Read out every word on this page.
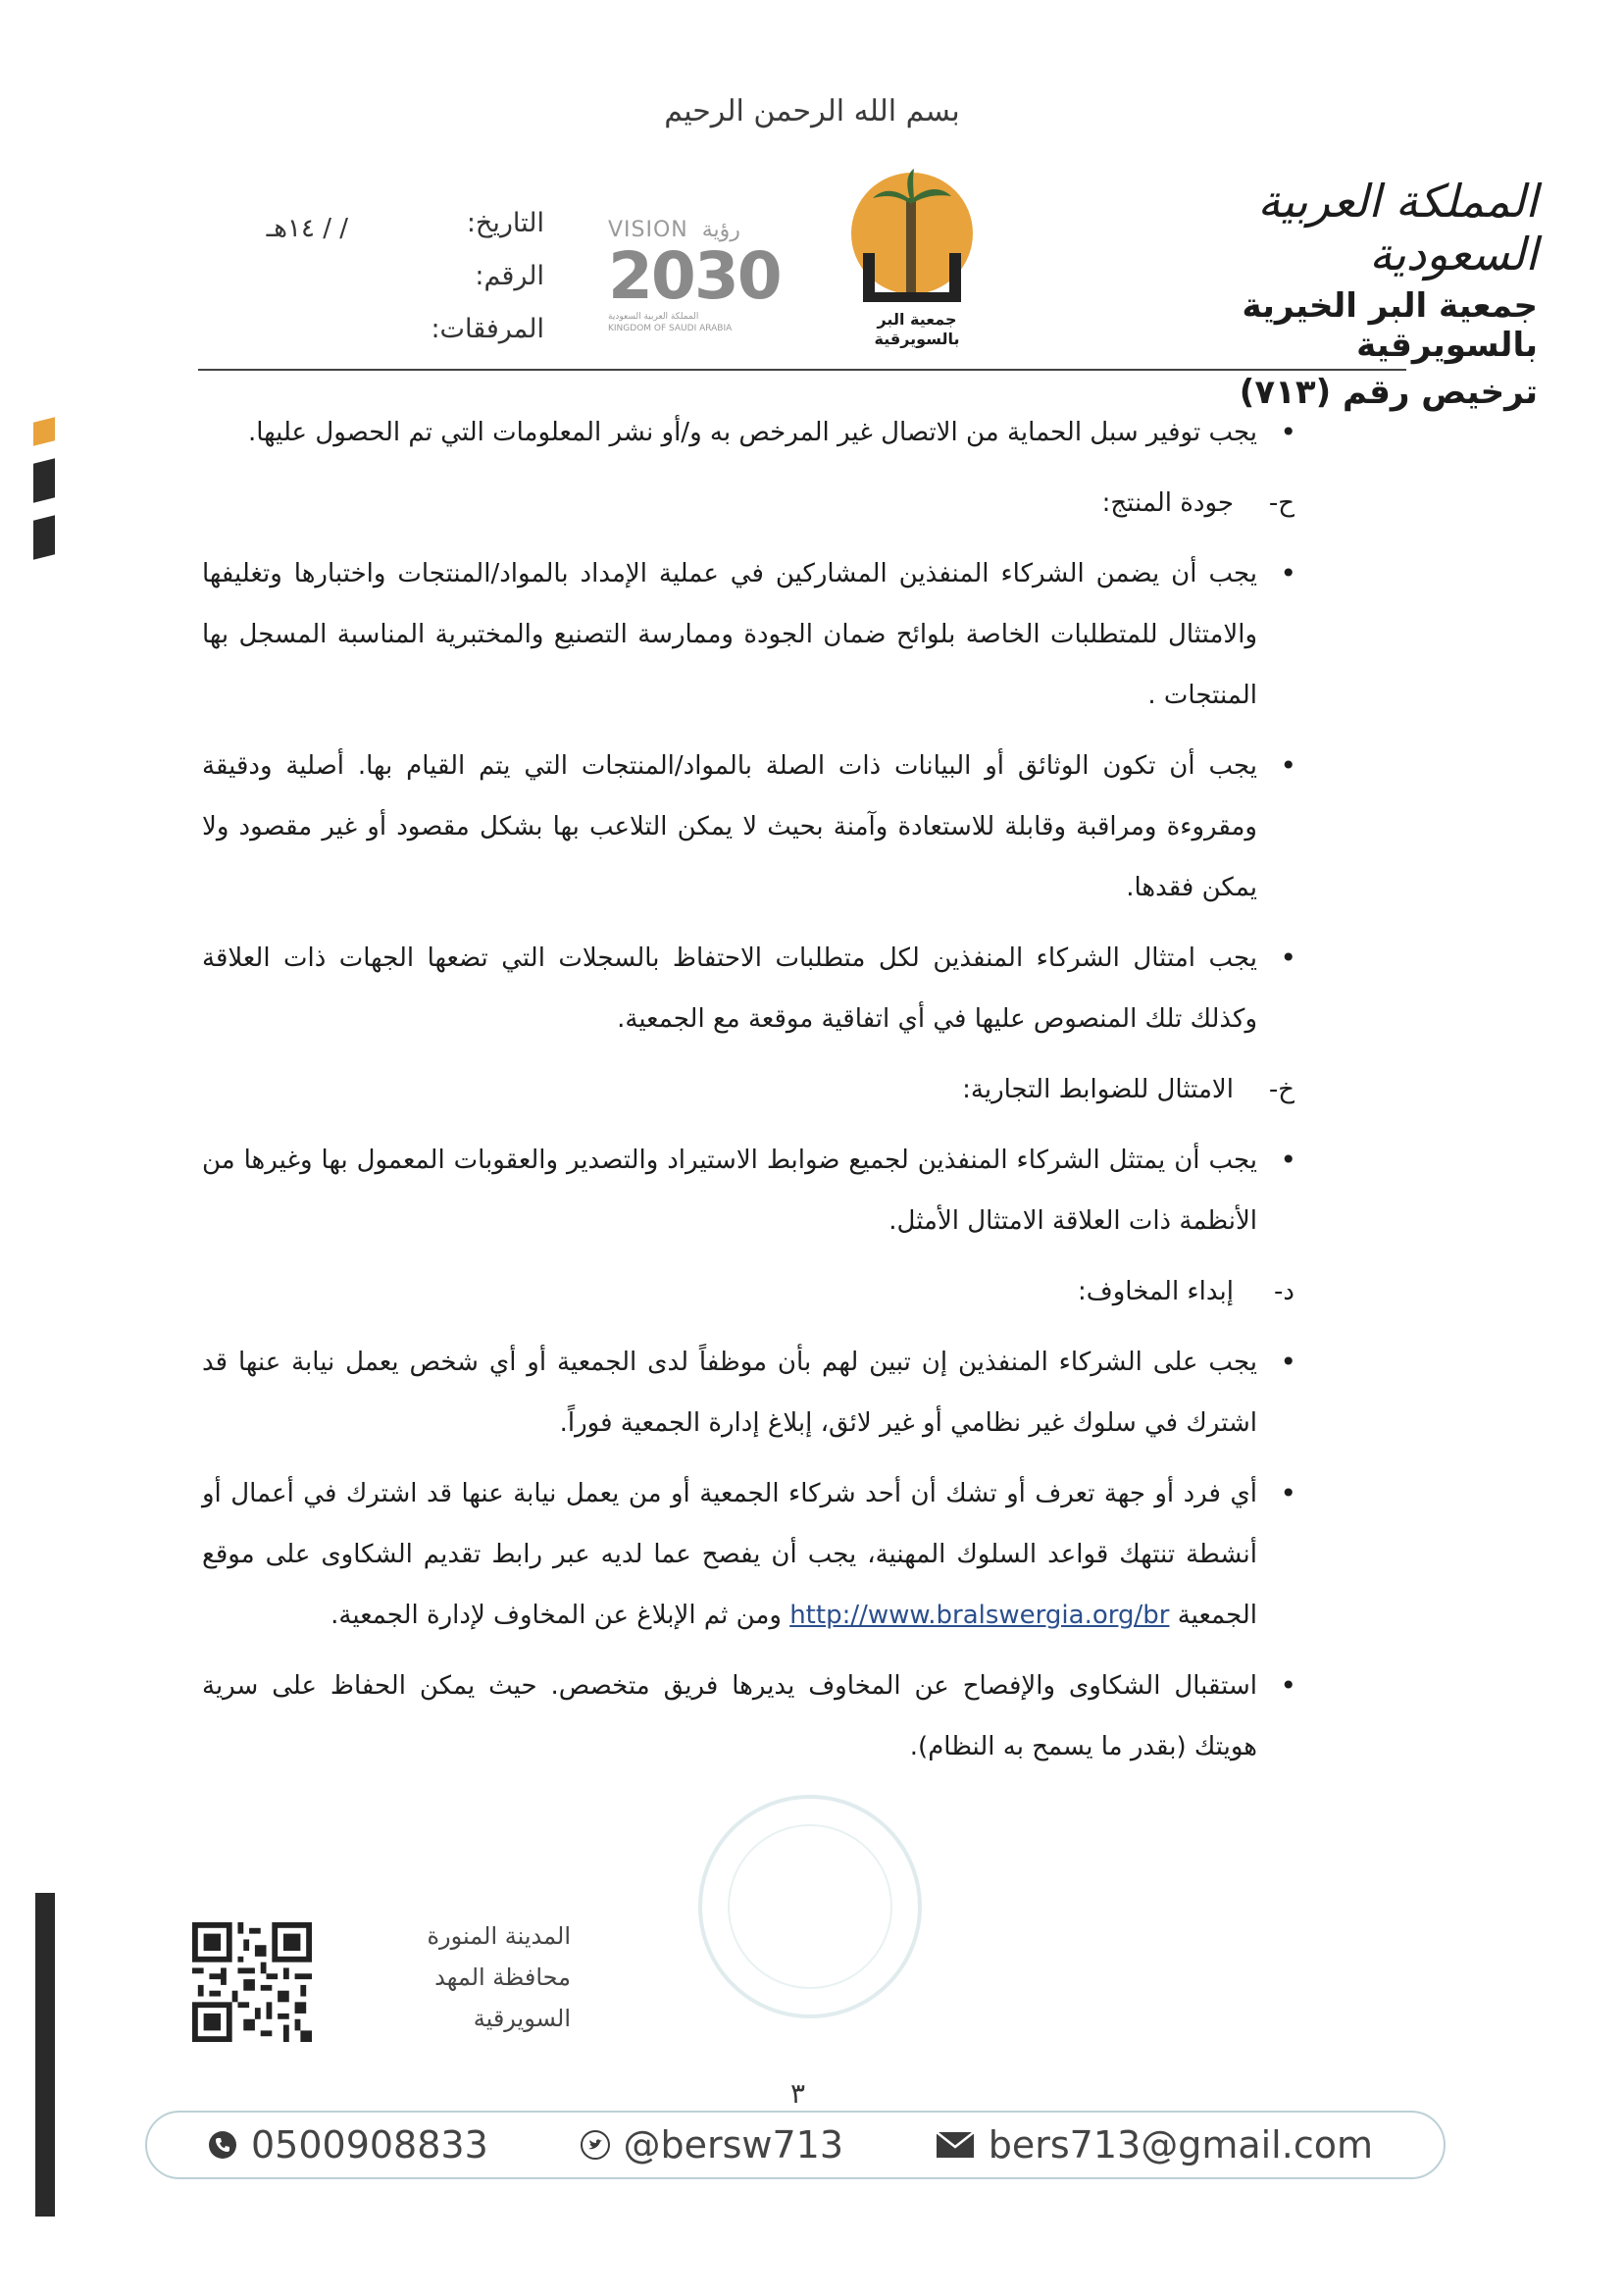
بسم الله الرحمن الرحيم
المملكة العربية السعودية
جمعية البر الخيرية بالسويرقية
ترخيص رقم (٧١٣)
جمعية البر بالسويرقية
VISION رؤية
2030
المملكة العربية السعودية
KINGDOM OF SAUDI ARABIA
التاريخ:
الرقم:
المرفقات:
/ / ١٤هـ
• يجب توفير سبل الحماية من الاتصال غير المرخص به و/أو نشر المعلومات التي تم الحصول عليها.
ح-
جودة المنتج:
• يجب أن يضمن الشركاء المنفذين المشاركين في عملية الإمداد بالمواد/المنتجات واختبارها وتغليفها والامتثال للمتطلبات الخاصة بلوائح ضمان الجودة وممارسة التصنيع والمختبرية المناسبة المسجل بها المنتجات .
• يجب أن تكون الوثائق أو البيانات ذات الصلة بالمواد/المنتجات التي يتم القيام بها. أصلية ودقيقة ومقروءة ومراقبة وقابلة للاستعادة وآمنة بحيث لا يمكن التلاعب بها بشكل مقصود أو غير مقصود ولا يمكن فقدها.
• يجب امتثال الشركاء المنفذين لكل متطلبات الاحتفاظ بالسجلات التي تضعها الجهات ذات العلاقة وكذلك تلك المنصوص عليها في أي اتفاقية موقعة مع الجمعية.
خ-
الامتثال للضوابط التجارية:
• يجب أن يمتثل الشركاء المنفذين لجميع ضوابط الاستيراد والتصدير والعقوبات المعمول بها وغيرها من الأنظمة ذات العلاقة الامتثال الأمثل.
د-
إبداء المخاوف:
• يجب على الشركاء المنفذين إن تبين لهم بأن موظفاً لدى الجمعية أو أي شخص يعمل نيابة عنها قد اشترك في سلوك غير نظامي أو غير لائق، إبلاغ إدارة الجمعية فوراً.
• أي فرد أو جهة تعرف أو تشك أن أحد شركاء الجمعية أو من يعمل نيابة عنها قد اشترك في أعمال أو أنشطة تنتهك قواعد السلوك المهنية، يجب أن يفصح عما لديه عبر رابط تقديم الشكاوى على موقع الجمعية http://www.bralswergia.org/br ومن ثم الإبلاغ عن المخاوف لإدارة الجمعية.
• استقبال الشكاوى والإفصاح عن المخاوف يديرها فريق متخصص. حيث يمكن الحفاظ على سرية هويتك (بقدر ما يسمح به النظام).
المدينة المنورة
محافظة المهد
السويرقية
٣
0500908833	@bersw713	bers713@gmail.com
